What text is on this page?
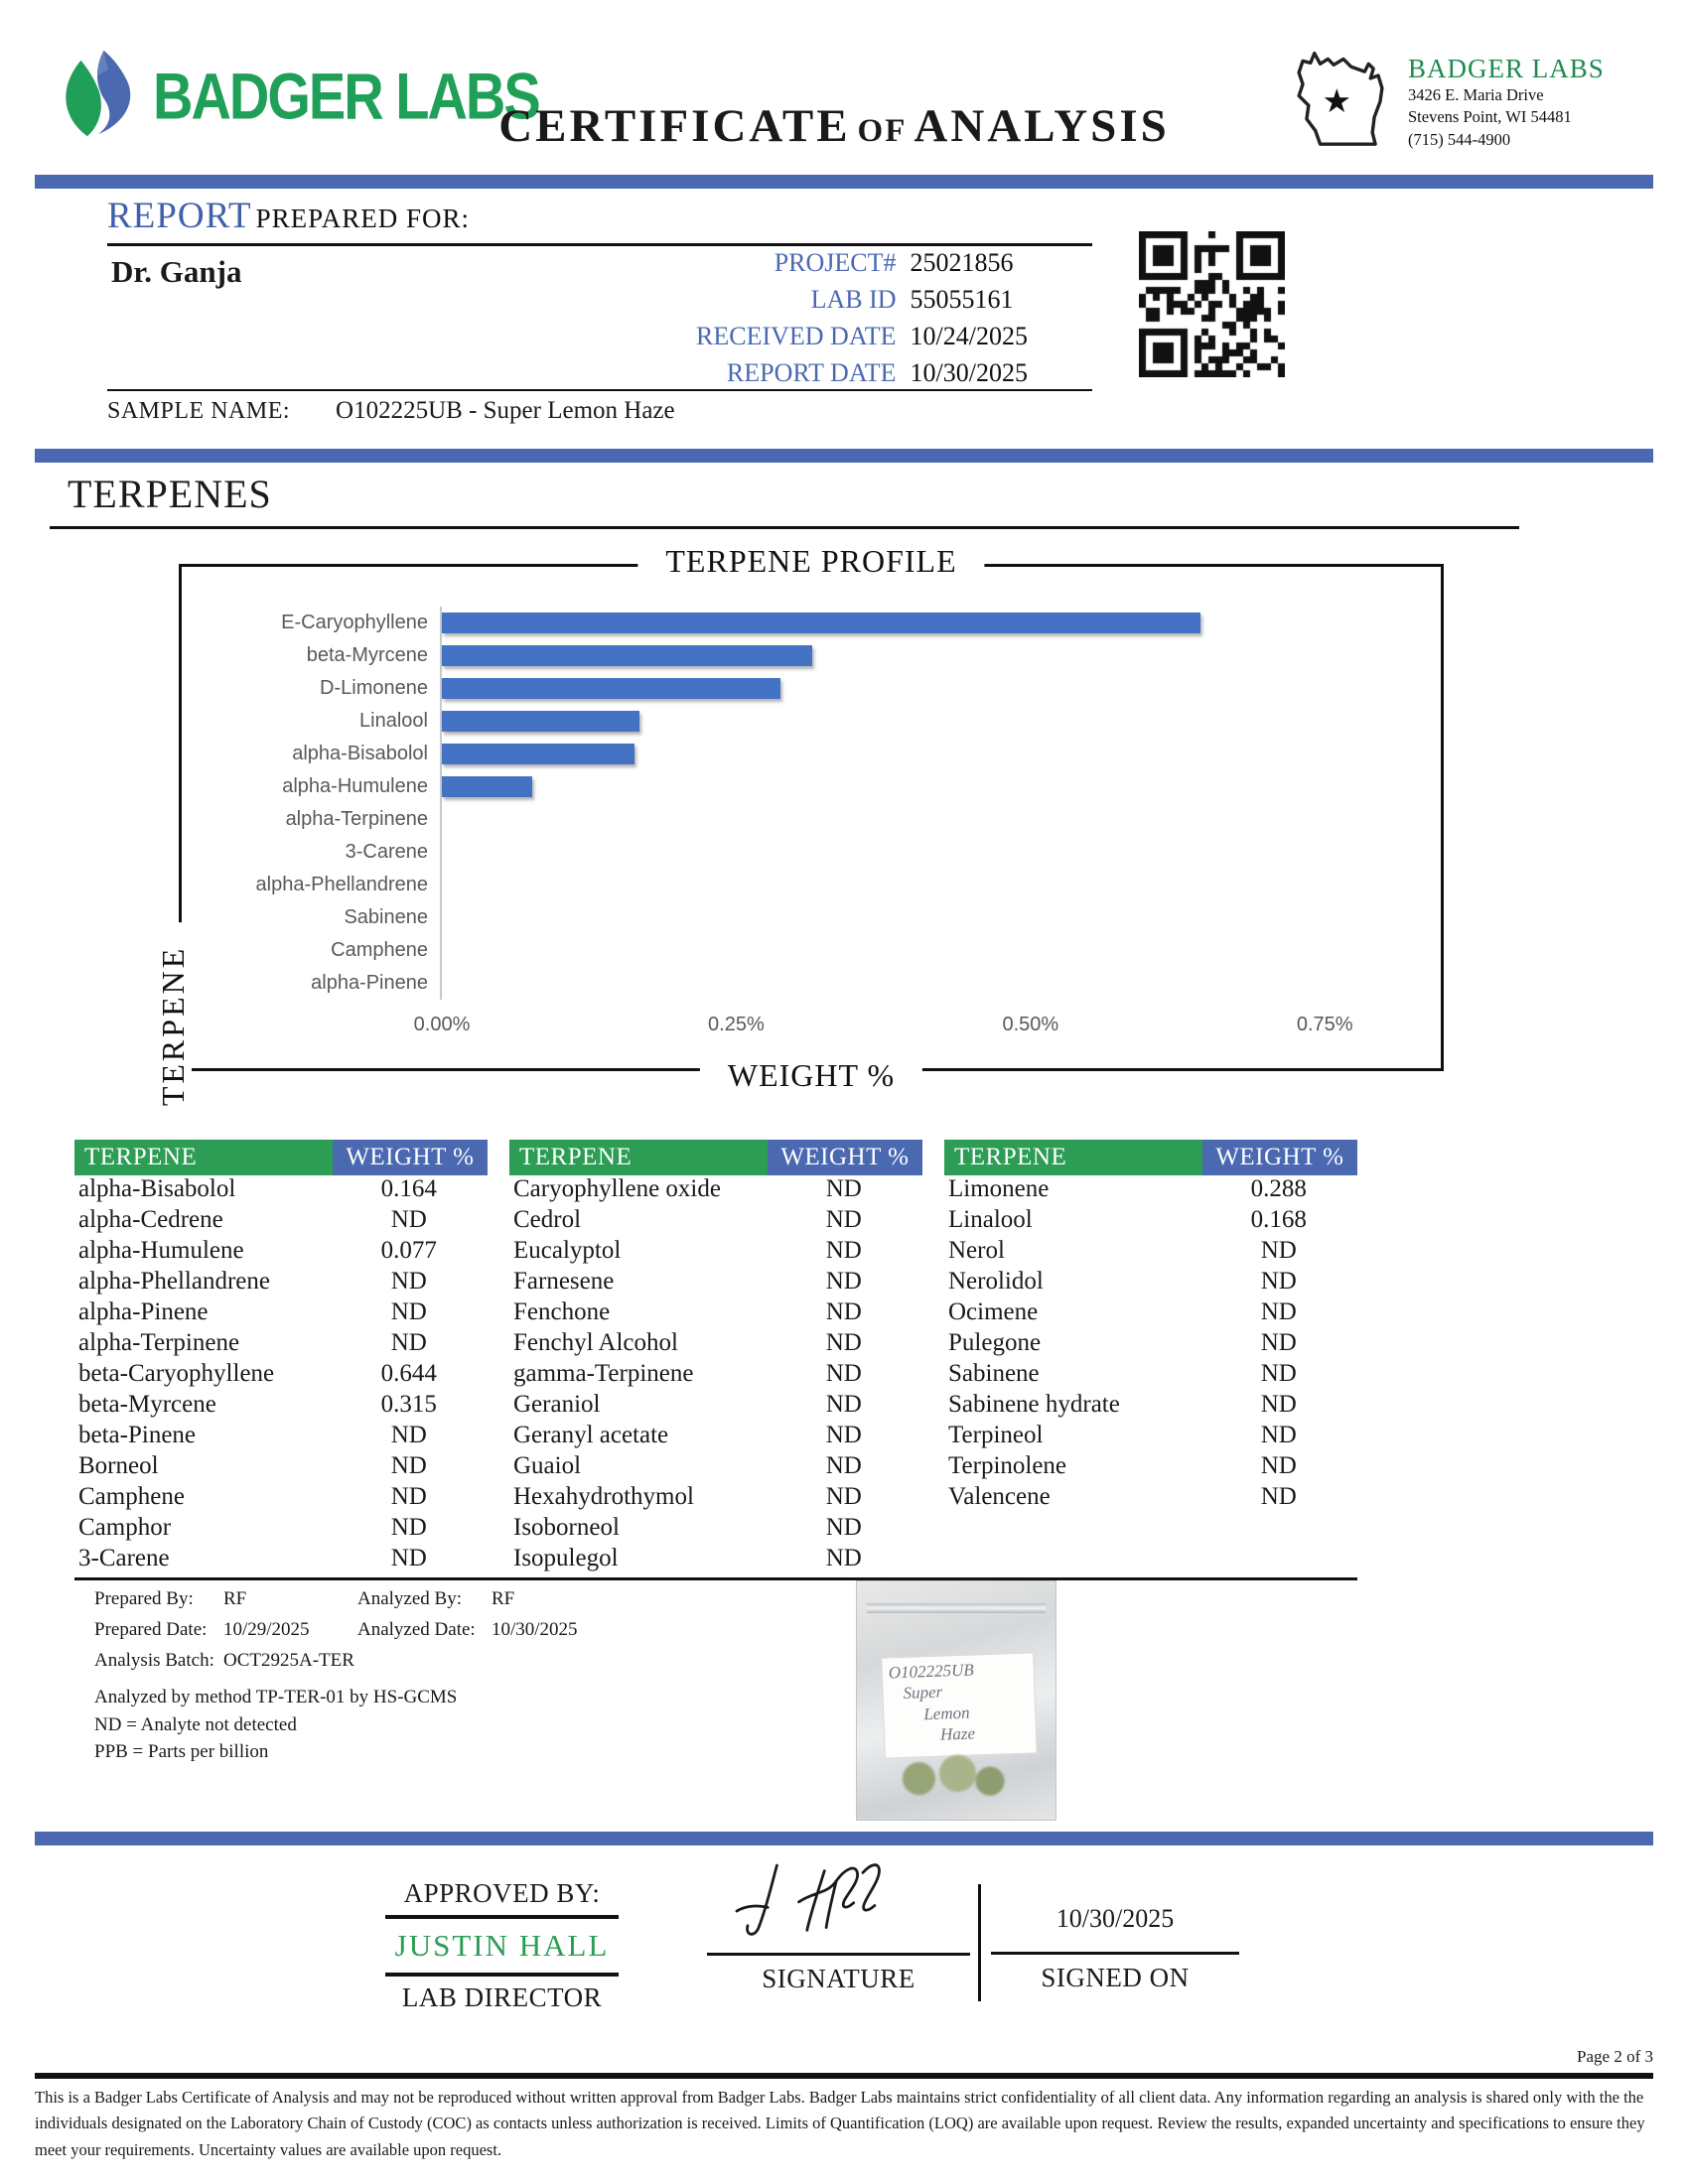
BADGER LABS
CERTIFICATE OF ANALYSIS	★
BADGER LABS
3426 E. Maria Drive
Stevens Point, WI 54481
(715) 544-4900
REPORT PREPARED FOR:
Dr. Ganja	PROJECT# 25021856
LAB ID 55055161
RECEIVED DATE 10/24/2025
REPORT DATE 10/30/2025
SAMPLE NAME: O102225UB - Super Lemon Haze
TERPENES
TERPENE PROFILE
TERPENE	WEIGHT %
E-Caryophyllene
beta-Myrcene
D-Limonene
Linalool
alpha-Bisabolol
alpha-Humulene
alpha-Terpinene
3-Carene
alpha-Phellandrene
Sabinene
Camphene
alpha-Pinene
0.00%	0.25%	0.50%	0.75%
TERPENE	WEIGHT %
alpha-Bisabolol	0.164
alpha-Cedrene	ND
alpha-Humulene	0.077
alpha-Phellandrene	ND
alpha-Pinene	ND
alpha-Terpinene	ND
beta-Caryophyllene	0.644
beta-Myrcene	0.315
beta-Pinene	ND
Borneol	ND
Camphene	ND
Camphor	ND
3-Carene	ND
TERPENE	WEIGHT %
Caryophyllene oxide	ND
Cedrol	ND
Eucalyptol	ND
Farnesene	ND
Fenchone	ND
Fenchyl Alcohol	ND
gamma-Terpinene	ND
Geraniol	ND
Geranyl acetate	ND
Guaiol	ND
Hexahydrothymol	ND
Isoborneol	ND
Isopulegol	ND
TERPENE	WEIGHT %
Limonene	0.288
Linalool	0.168
Nerol	ND
Nerolidol	ND
Ocimene	ND
Pulegone	ND
Sabinene	ND
Sabinene hydrate	ND
Terpineol	ND
Terpinolene	ND
Valencene	ND
Prepared By:	RF	Analyzed By:	RF
Prepared Date: 10/29/2025	Analyzed Date: 10/30/2025
Analysis Batch: OCT2925A-TER
Analyzed by method TP-TER-01 by HS-GCMS
ND = Analyte not detected
PPB = Parts per billion
O102225UB
Super
Lemon
Haze
APPROVED BY:
JUSTIN HALL
LAB DIRECTOR
SIGNATURE
10/30/2025
SIGNED ON
Page 2 of 3
This is a Badger Labs Certificate of Analysis and may not be reproduced without written approval from Badger Labs. Badger Labs maintains strict confidentiality of all client data. Any information regarding an analysis is shared only with the the individuals designated on the Laboratory Chain of Custody (COC) as contacts unless authorization is received. Limits of Quantification (LOQ) are available upon request. Review the results, expanded uncertainty and specifications to ensure they meet your requirements. Uncertainty values are available upon request.
